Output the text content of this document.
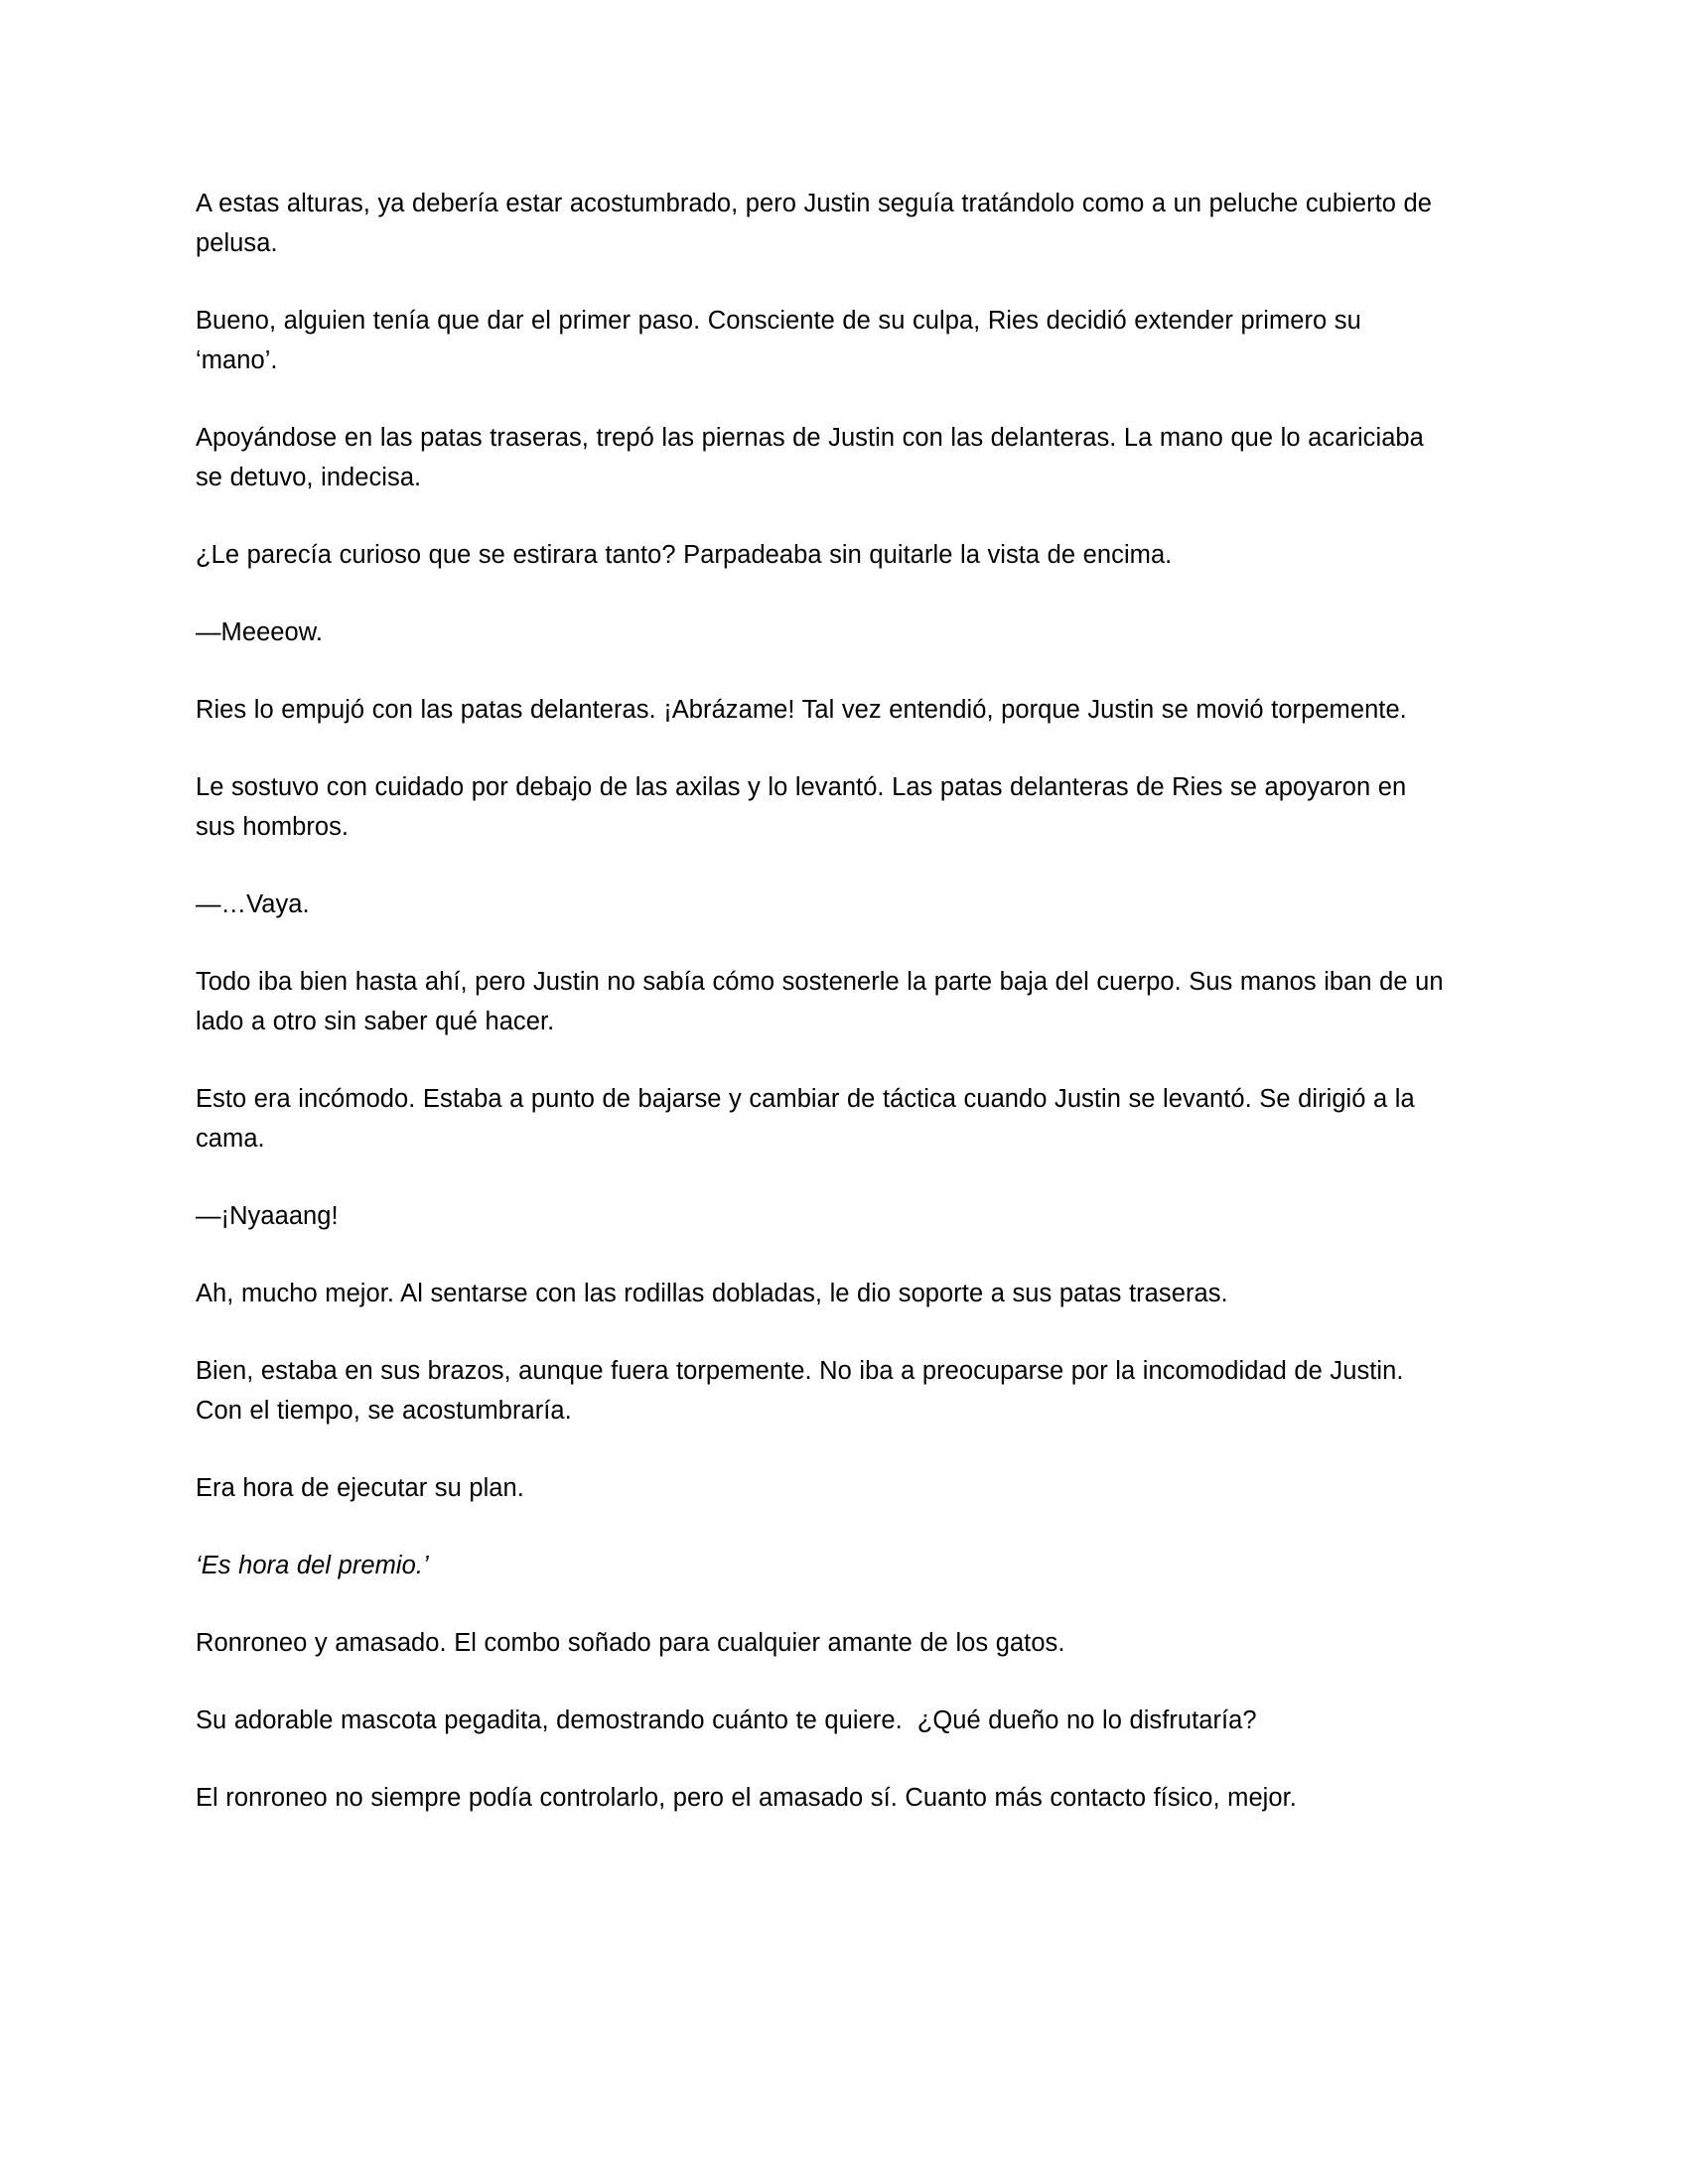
A estas alturas, ya debería estar acostumbrado, pero Justin seguía tratándolo como a un peluche cubierto de pelusa.

Bueno, alguien tenía que dar el primer paso. Consciente de su culpa, Ries decidió extender primero su ‘mano’.

Apoyándose en las patas traseras, trepó las piernas de Justin con las delanteras. La mano que lo acariciaba se detuvo, indecisa.

¿Le parecía curioso que se estirara tanto? Parpadeaba sin quitarle la vista de encima.

—Meeeow.

Ries lo empujó con las patas delanteras. ¡Abrázame! Tal vez entendió, porque Justin se movió torpemente.

Le sostuvo con cuidado por debajo de las axilas y lo levantó. Las patas delanteras de Ries se apoyaron en sus hombros.

—…Vaya.

Todo iba bien hasta ahí, pero Justin no sabía cómo sostenerle la parte baja del cuerpo. Sus manos iban de un lado a otro sin saber qué hacer.

Esto era incómodo. Estaba a punto de bajarse y cambiar de táctica cuando Justin se levantó. Se dirigió a la cama.

—¡Nyaaang!

Ah, mucho mejor. Al sentarse con las rodillas dobladas, le dio soporte a sus patas traseras.

Bien, estaba en sus brazos, aunque fuera torpemente. No iba a preocuparse por la incomodidad de Justin. Con el tiempo, se acostumbraría.

Era hora de ejecutar su plan.

‘Es hora del premio.’

Ronroneo y amasado. El combo soñado para cualquier amante de los gatos.

Su adorable mascota pegadita, demostrando cuánto te quiere.  ¿Qué dueño no lo disfrutaría?

El ronroneo no siempre podía controlarlo, pero el amasado sí. Cuanto más contacto físico, mejor.
